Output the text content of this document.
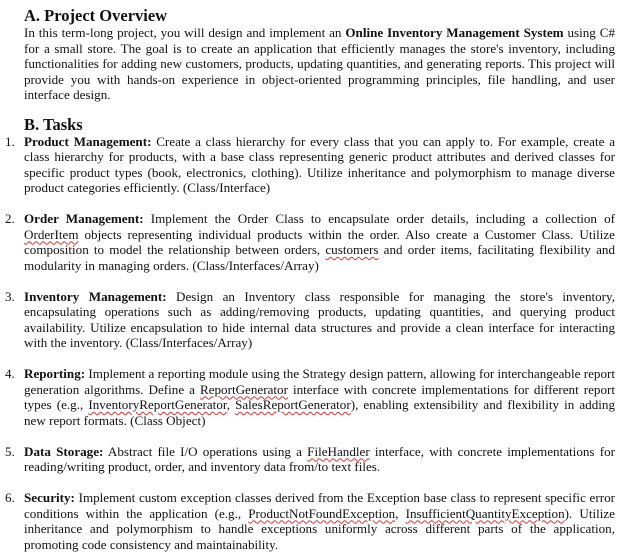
A. Project Overview

In this term-long project, you will design and implement an Online Inventory Management System using C# for a small store. The goal is to create an application that efficiently manages the store's inventory, including functionalities for adding new customers, products, updating quantities, and generating reports. This project will provide you with hands-on experience in object-oriented programming principles, file handling, and user interface design.

B. Tasks
1. Product Management: Create a class hierarchy for every class that you can apply to. For example, create a class hierarchy for products, with a base class representing generic product attributes and derived classes for specific product types (book, electronics, clothing). Utilize inheritance and polymorphism to manage diverse product categories efficiently. (Class/Interface)
2. Order Management: Implement the Order Class to encapsulate order details, including a collection of OrderItem objects representing individual products within the order. Also create a Customer Class. Utilize composition to model the relationship between orders, customers and order items, facilitating flexibility and modularity in managing orders. (Class/Interfaces/Array)
3. Inventory Management: Design an Inventory class responsible for managing the store's inventory, encapsulating operations such as adding/removing products, updating quantities, and querying product availability. Utilize encapsulation to hide internal data structures and provide a clean interface for interacting with the inventory. (Class/Interfaces/Array)
4. Reporting: Implement a reporting module using the Strategy design pattern, allowing for interchangeable report generation algorithms. Define a ReportGenerator interface with concrete implementations for different report types (e.g., InventoryReportGenerator, SalesReportGenerator), enabling extensibility and flexibility in adding new report formats. (Class Object)
5. Data Storage: Abstract file I/O operations using a FileHandler interface, with concrete implementations for reading/writing product, order, and inventory data from/to text files.
6. Security: Implement custom exception classes derived from the Exception base class to represent specific error conditions within the application (e.g., ProductNotFoundException, InsufficientQuantityException). Utilize inheritance and polymorphism to handle exceptions uniformly across different parts of the application, promoting code consistency and maintainability.
